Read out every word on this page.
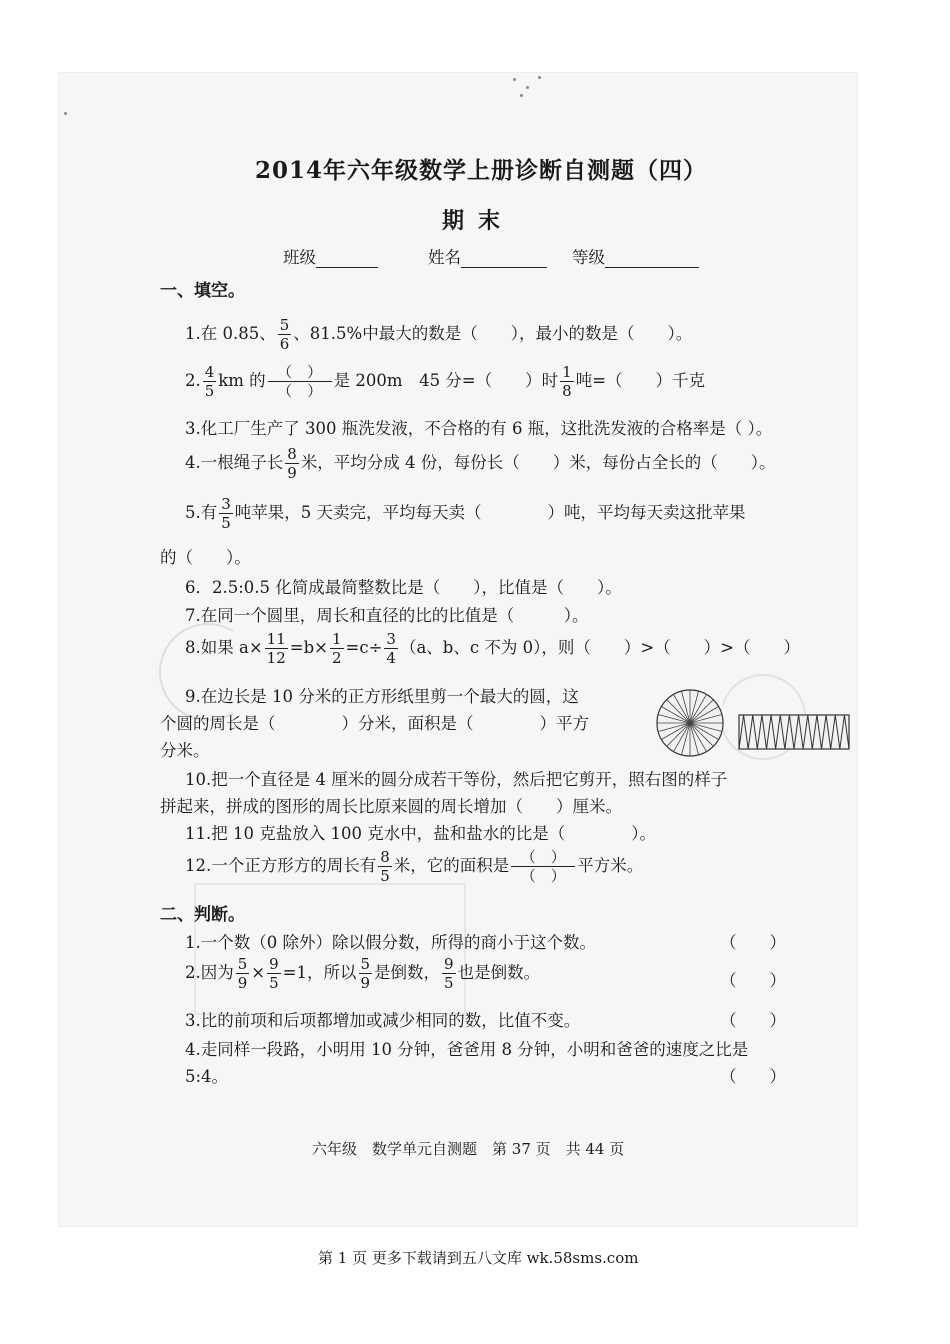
2014年六年级数学上册诊断自测题（四）
期末
班级	姓名	等级
一、填空。
1.在 0.85、 $\frac{5}{6}$ 、81.5%中最大的数是（　　），最小的数是（　　）。
2. $\frac{4}{5}$ km 的 $\frac{( )}{( )}$ 是 200m　45 分=（　　）时 $\frac{1}{8}$ 吨=（　　）千克
3.化工厂生产了 300 瓶洗发液，不合格的有 6 瓶，这批洗发液的合格率是（ ）。
4.一根绳子长 $\frac{8}{9}$ 米，平均分成 4 份，每份长（　　）米，每份占全长的（　　）。
5.有 $\frac{3}{5}$ 吨苹果，5 天卖完，平均每天卖（　　　　）吨，平均每天卖这批苹果
的（　　）。
6．2.5:0.5 化简成最简整数比是（　　），比值是（　　）。
7.在同一个圆里，周长和直径的比的比值是（　　　）。
8.如果 $a\times \frac{11}{12} =b\times \frac{1}{2} =c\div \frac{3}{4} (a$、b、c 不为 0），则（　　）>（　　）>（　　）
9.在边长是 10 分米的正方形纸里剪一个最大的圆，这
个圆的周长是（　　　　）分米，面积是（　　　　）平方
分米。
10.把一个直径是 4 厘米的圆分成若干等份，然后把它剪开，照右图的样子
拼起来，拼成的图形的周长比原来圆的周长增加（　　）厘米。
11.把 10 克盐放入 100 克水中，盐和盐水的比是（　　　　）。
12.一个正方形方的周长有 $\frac{8}{5}$ 米，它的面积是 $\frac{( )}{( )}$ 平方米。
二、判断。
1.一个数（0 除外）除以假分数，所得的商小于这个数。	（　　）
2.因为 $\frac{5}{9} \times \frac{9}{5} =1$，所以 $\frac{5}{9}$ 是倒数， $\frac{9}{5}$ 也是倒数。	（　　）
3.比的前项和后项都增加或减少相同的数，比值不变。	（　　）
4.走同样一段路，小明用 10 分钟，爸爸用 8 分钟，小明和爸爸的速度之比是
5:4。	（　　）
六年级　数学单元自测题　第 37 页　共 44 页
第 1 页 更多下载请到五八文库 wk.58sms.com
